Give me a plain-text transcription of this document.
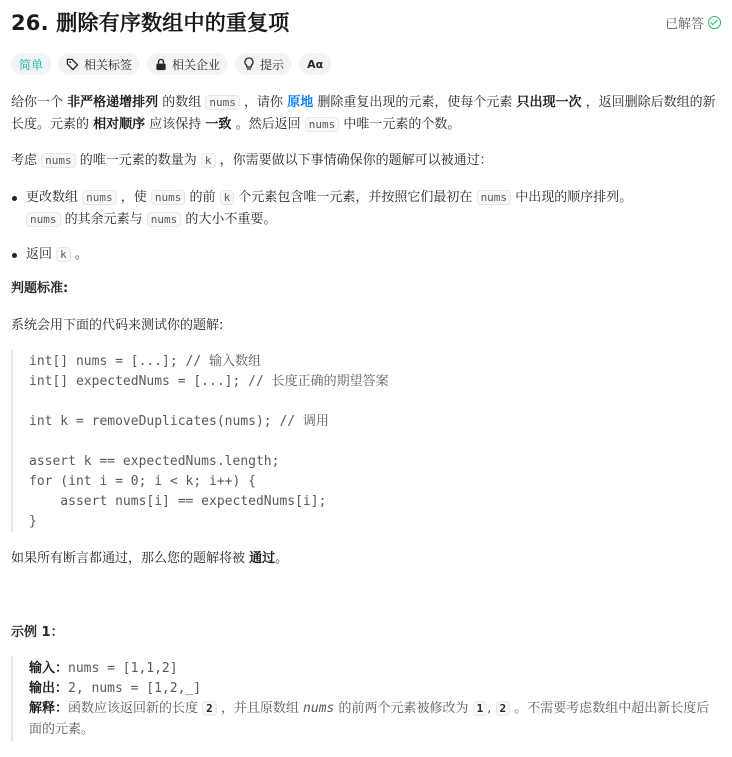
26. 删除有序数组中的重复项	已解答
简单	相关标签	相关企业	提示 Aα
给你一个 非严格递增排列 的数组 nums ，请你 原地 删除重复出现的元素，使每个元素 只出现一次 ，返回删除后数组的新长度。元素的 相对顺序 应该保持 一致 。然后返回 nums 中唯一元素的个数。
考虑 nums 的唯一元素的数量为 k ，你需要做以下事情确保你的题解可以被通过：
更改数组 nums ，使 nums 的前 k 个元素包含唯一元素，并按照它们最初在 nums 中出现的顺序排列。
nums 的其余元素与 nums 的大小不重要。
返回 k 。
判题标准:
系统会用下面的代码来测试你的题解:
int[] nums = [...]; // 输入数组
int[] expectedNums = [...]; // 长度正确的期望答案
int k = removeDuplicates(nums); // 调用
assert k == expectedNums.length;
for (int i = 0; i < k; i++) {
assert nums[i] == expectedNums[i];
}
如果所有断言都通过，那么您的题解将被 通过。
示例 1：
输入：nums = [1,1,2]
输出：2, nums = [1,2,_]
解释：函数应该返回新的长度 2 ，并且原数组 nums 的前两个元素被修改为 1 , 2 。不需要考虑数组中超出新长度后面的元素。
